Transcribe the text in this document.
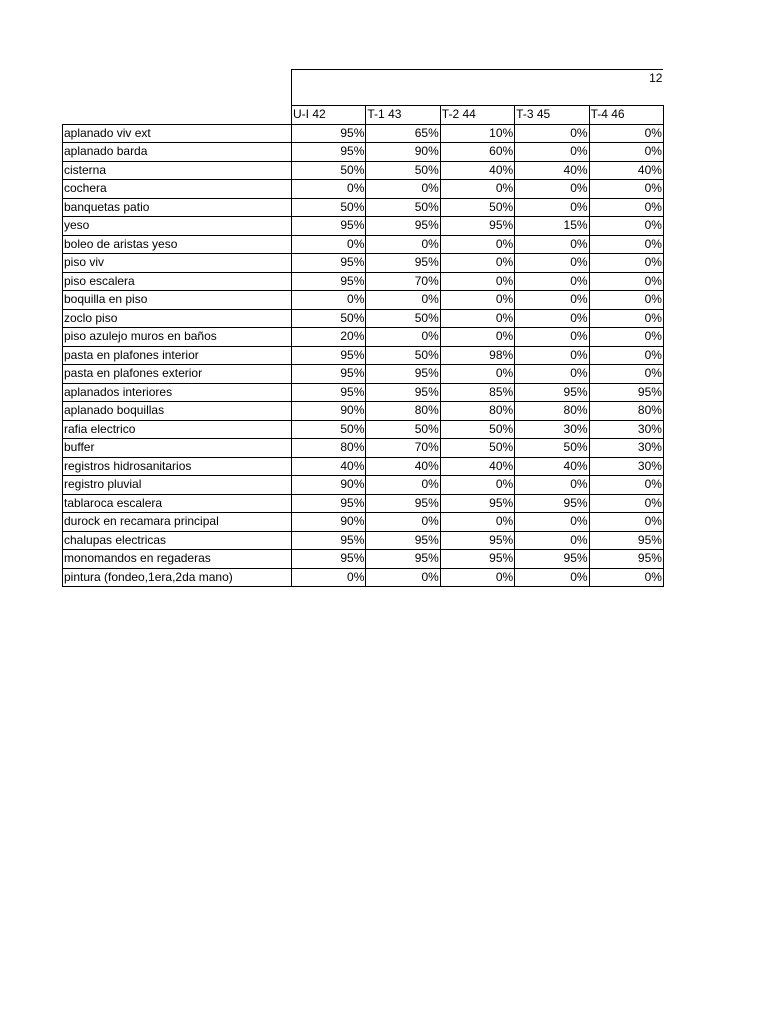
	12				

	U-I 42	T-1 43	T-2 44	T-3 45	T-4 46
aplanado viv ext	95%	65%	10%	0%	0%
aplanado barda	95%	90%	60%	0%	0%
cisterna	50%	50%	40%	40%	40%
cochera	0%	0%	0%	0%	0%
banquetas patio	50%	50%	50%	0%	0%
yeso	95%	95%	95%	15%	0%
boleo de aristas yeso	0%	0%	0%	0%	0%
piso viv	95%	95%	0%	0%	0%
piso escalera	95%	70%	0%	0%	0%
boquilla en piso	0%	0%	0%	0%	0%
zoclo piso	50%	50%	0%	0%	0%
piso azulejo muros en baños	20%	0%	0%	0%	0%
pasta en plafones interior	95%	50%	98%	0%	0%
pasta en plafones exterior	95%	95%	0%	0%	0%
aplanados interiores	95%	95%	85%	95%	95%
aplanado boquillas	90%	80%	80%	80%	80%
rafia electrico	50%	50%	50%	30%	30%
buffer	80%	70%	50%	50%	30%
registros hidrosanitarios	40%	40%	40%	40%	30%
registro pluvial	90%	0%	0%	0%	0%
tablaroca escalera	95%	95%	95%	95%	0%
durock en recamara principal	90%	0%	0%	0%	0%
chalupas electricas	95%	95%	95%	0%	95%
monomandos en regaderas	95%	95%	95%	95%	95%
pintura (fondeo,1era,2da mano)	0%	0%	0%	0%	0%
